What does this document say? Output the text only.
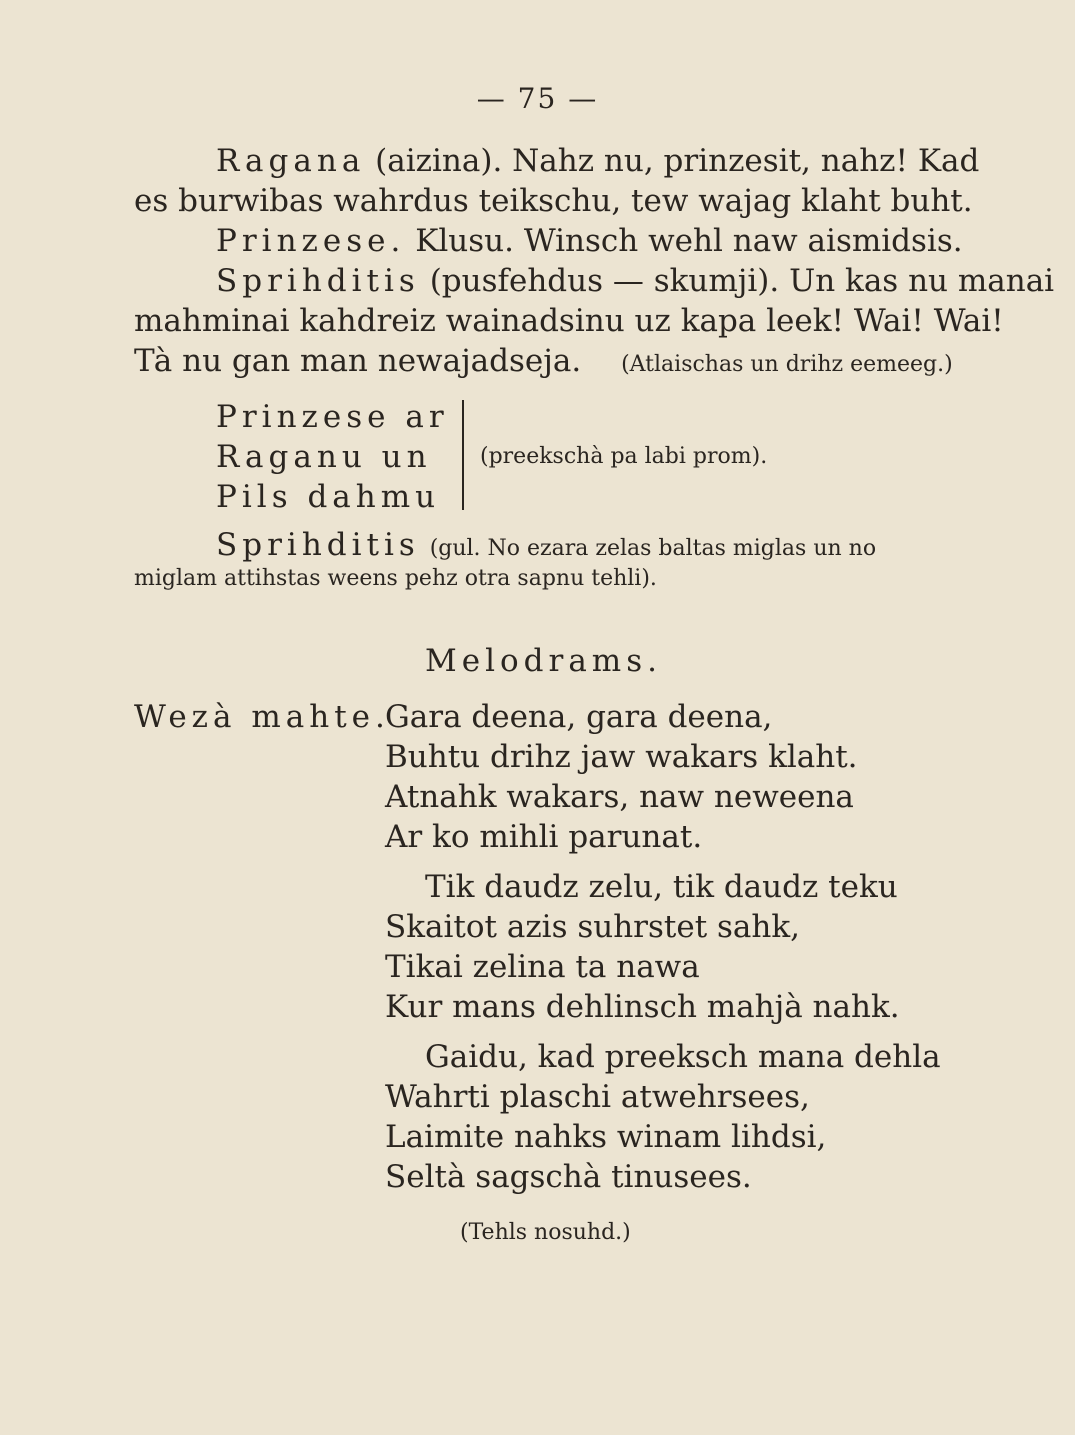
— 75 —
Ragana (aizina). Nahz nu, prinzesit, nahz! Kad
es burwibas wahrdus teikschu, tew wajag klaht buht.
Prinzese. Klusu. Winsch wehl naw aismidsis.
Sprihditis (pusfehdus — skumji). Un kas nu manai
mahminai kahdreiz wainadsinu uz kapa leek! Wai! Wai!
Tà nu gan man newajadseja. (Atlaischas un drihz eemeeg.)
Prinzese ar
Raganu un
Pils dahmu
(preekschà pa labi prom).
Sprihditis (gul. No ezara zelas baltas miglas un no
miglam attihstas weens pehz otra sapnu tehli).
Melodrams.
Wezà mahte.
Gara deena, gara deena,
Buhtu drihz jaw wakars klaht.
Atnahk wakars, naw neweena
Ar ko mihli parunat.
Tik daudz zelu, tik daudz teku
Skaitot azis suhrstet sahk,
Tikai zelina ta nawa
Kur mans dehlinsch mahjà nahk.
Gaidu, kad preeksch mana dehla
Wahrti plaschi atwehrsees,
Laimite nahks winam lihdsi,
Seltà sagschà tinusees.
(Tehls nosuhd.)
